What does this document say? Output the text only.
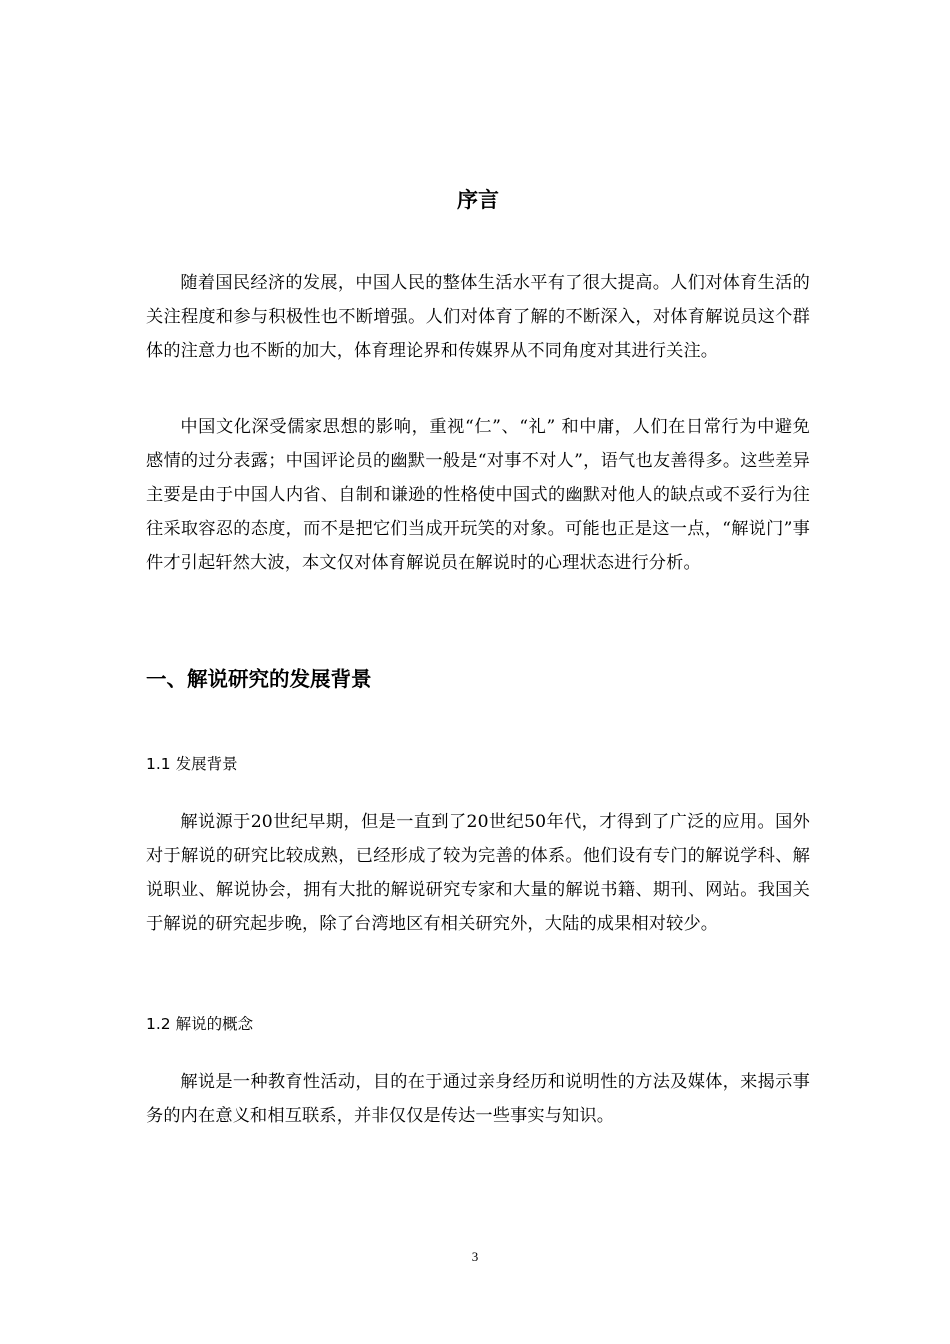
序言

随着国民经济的发展，中国人民的整体生活水平有了很大提高。人们对体育生活的关注程度和参与积极性也不断增强。人们对体育了解的不断深入，对体育解说员这个群体的注意力也不断的加大，体育理论界和传媒界从不同角度对其进行关注。

中国文化深受儒家思想的影响，重视“仁”、“礼” 和中庸，人们在日常行为中避免感情的过分表露；中国评论员的幽默一般是“对事不对人”，语气也友善得多。这些差异主要是由于中国人内省、自制和谦逊的性格使中国式的幽默对他人的缺点或不妥行为往往采取容忍的态度，而不是把它们当成开玩笑的对象。可能也正是这一点，“解说门”事件才引起轩然大波，本文仅对体育解说员在解说时的心理状态进行分析。

一、解说研究的发展背景
1.1 发展背景

解说源于20世纪早期，但是一直到了20世纪50年代，才得到了广泛的应用。国外对于解说的研究比较成熟，已经形成了较为完善的体系。他们设有专门的解说学科、解说职业、解说协会，拥有大批的解说研究专家和大量的解说书籍、期刊、网站。我国关于解说的研究起步晚，除了台湾地区有相关研究外，大陆的成果相对较少。

1.2 解说的概念

解说是一种教育性活动，目的在于通过亲身经历和说明性的方法及媒体，来揭示事务的内在意义和相互联系，并非仅仅是传达一些事实与知识。

3
